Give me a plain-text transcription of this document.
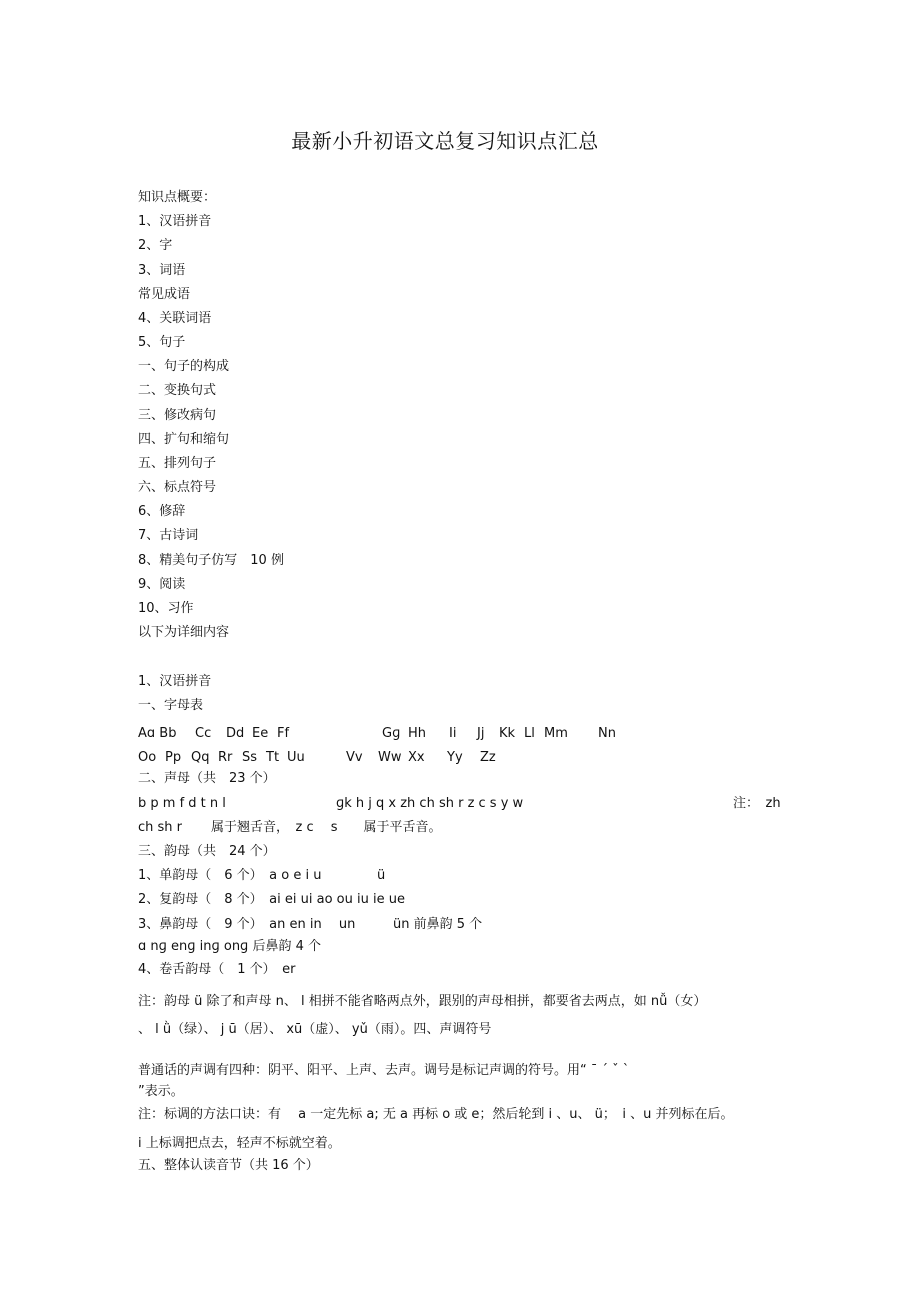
最新小升初语文总复习知识点汇总
知识点概要：
1、汉语拼音
2、字
3、词语
常见成语
4、关联词语
5、句子
一、句子的构成
二、变换句式
三、修改病句
四、扩句和缩句
五、排列句子
六、标点符号
6、修辞
7、古诗词
8、精美句子仿写　10 例
9、阅读
10、习作
以下为详细内容
1、汉语拼音
一、字母表
Aɑ Bb Cc Dd Ee Ff	Gɡ Hh Ii Jj Kk Ll Mm Nn
Oo Pp Qq Rr Ss Tt Uu	Vv Ww Xx Yy Zz
二、声母（共　23 个）
b p m f d t n l	ɡk h j q x zh ch sh r z c s y w	注：　zh
ch sh r 属于翘舌音，　z c　 s　　属于平舌音。
三、韵母（共　24 个）
1、单韵母（　6 个）　a o e i u	ü
2、复韵母（　8 个）　ai ei ui ao ou iu ie ue
3、鼻韵母（　9 个）　an en in　 un	ün 前鼻韵 5 个
ɑ nɡ enɡ inɡ onɡ 后鼻韵 4 个
4、卷舌韵母（　1 个）　er
注：韵母 ü 除了和声母 n、 l 相拼不能省略两点外，跟别的声母相拼，都要省去两点，如 nǚ（女）
、 l ǜ（绿）、 j ū（居）、 xū（虚）、 yǔ（雨）。四、声调符号
普通话的声调有四种：阴平、阳平、上声、去声。调号是标记声调的符号。用“ ˉ ˊ ˇ ˋ
”表示。
注：标调的方法口诀：有　 a 一定先标 a; 无 a 再标 o 或 e；然后轮到 i 、u、 ü；　i 、u 并列标在后。
i 上标调把点去，轻声不标就空着。
五、整体认读音节（共 16 个）
